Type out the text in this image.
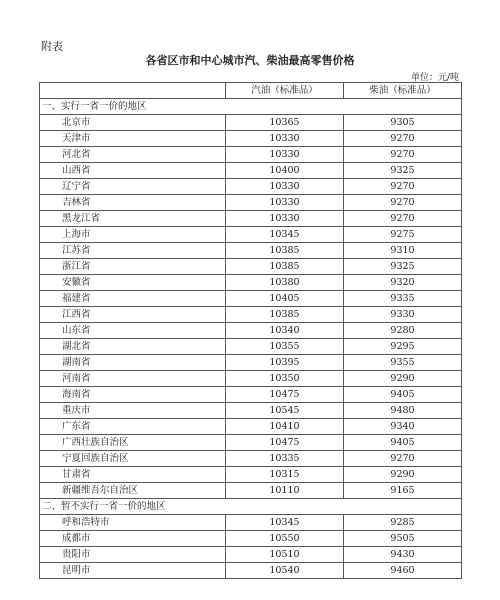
附表
各省区市和中心城市汽、柴油最高零售价格
单位：元/吨
	汽油（标准品）	柴油（标准品）
一、实行一省一价的地区		
北京市	10365	9305
天津市	10330	9270
河北省	10330	9270
山西省	10400	9325
辽宁省	10330	9270
吉林省	10330	9270
黑龙江省	10330	9270
上海市	10345	9275
江苏省	10385	9310
浙江省	10385	9325
安徽省	10380	9320
福建省	10405	9335
江西省	10385	9330
山东省	10340	9280
湖北省	10355	9295
湖南省	10395	9355
河南省	10350	9290
海南省	10475	9405
重庆市	10545	9480
广东省	10410	9340
广西壮族自治区	10475	9405
宁夏回族自治区	10335	9270
甘肃省	10315	9290
新疆维吾尔自治区	10110	9165
二、暂不实行一省一价的地区		
呼和浩特市	10345	9285
成都市	10550	9505
贵阳市	10510	9430
昆明市	10540	9460
